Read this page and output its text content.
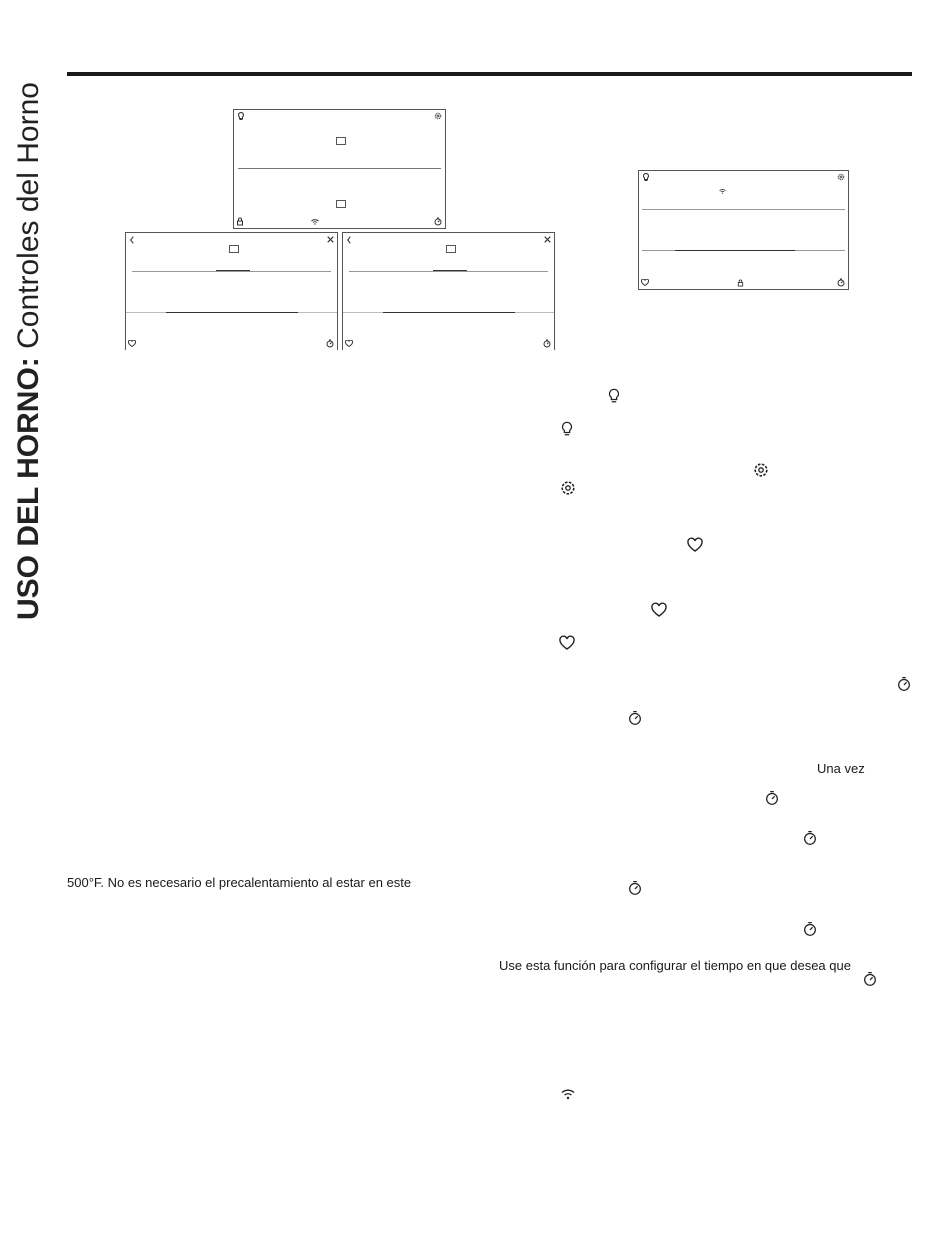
USO DEL HORNO: Controles del Horno
500°F. No es necesario el precalentamiento al estar en este
Una vez
Use esta función para configurar el tiempo en que desea que
